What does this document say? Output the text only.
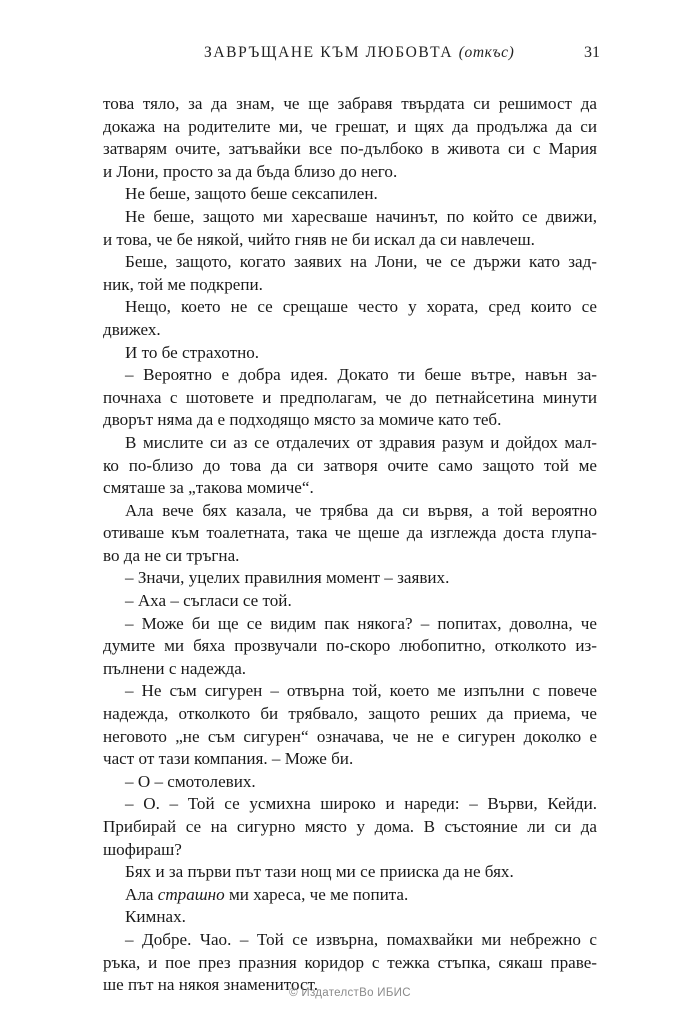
ЗАВРЪЩАНЕ КЪМ ЛЮБОВТА (откъс)	31
това тяло, за да знам, че ще забравя твърдата си решимост да
докажа на родителите ми, че грешат, и щях да продължа да си
затварям очите, затъвайки все по-дълбоко в живота си с Мария
и Лони, просто за да бъда близо до него.
Не беше, защото беше сексапилен.
Не беше, защото ми харесваше начинът, по който се движи,
и това, че бе някой, чийто гняв не би искал да си навлечеш.
Беше, защото, когато заявих на Лони, че се държи като зад-
ник, той ме подкрепи.
Нещо, което не се срещаше често у хората, сред които се
движех.
И то бе страхотно.
– Вероятно е добра идея. Докато ти беше вътре, навън за-
почнаха с шотовете и предполагам, че до петнайсетина минути
дворът няма да е подходящо място за момиче като теб.
В мислите си аз се отдалечих от здравия разум и дойдох мал-
ко по-близо до това да си затворя очите само защото той ме
смяташе за „такова момиче“.
Ала вече бях казала, че трябва да си вървя, а той вероятно
отиваше към тоалетната, така че щеше да изглежда доста глупа-
во да не си тръгна.
– Значи, уцелих правилния момент – заявих.
– Аха – съгласи се той.
– Може би ще се видим пак някога? – попитах, доволна, че
думите ми бяха прозвучали по-скоро любопитно, отколкото из-
пълнени с надежда.
– Не съм сигурен – отвърна той, което ме изпълни с повече
надежда, отколкото би трябвало, защото реших да приема, че
неговото „не съм сигурен“ означава, че не е сигурен доколко е
част от тази компания. – Може би.
– О – смотолевих.
– О. – Той се усмихна широко и нареди: – Върви, Кейди.
Прибирай се на сигурно място у дома. В състояние ли си да
шофираш?
Бях и за първи път тази нощ ми се прииска да не бях.
Ала страшно ми хареса, че ме попита.
Кимнах.
– Добре. Чао. – Той се извърна, помахвайки ми небрежно с
ръка, и пое през празния коридор с тежка стъпка, сякаш праве-
ше път на някоя знаменитост.
© ИздателстВо ИБИС
